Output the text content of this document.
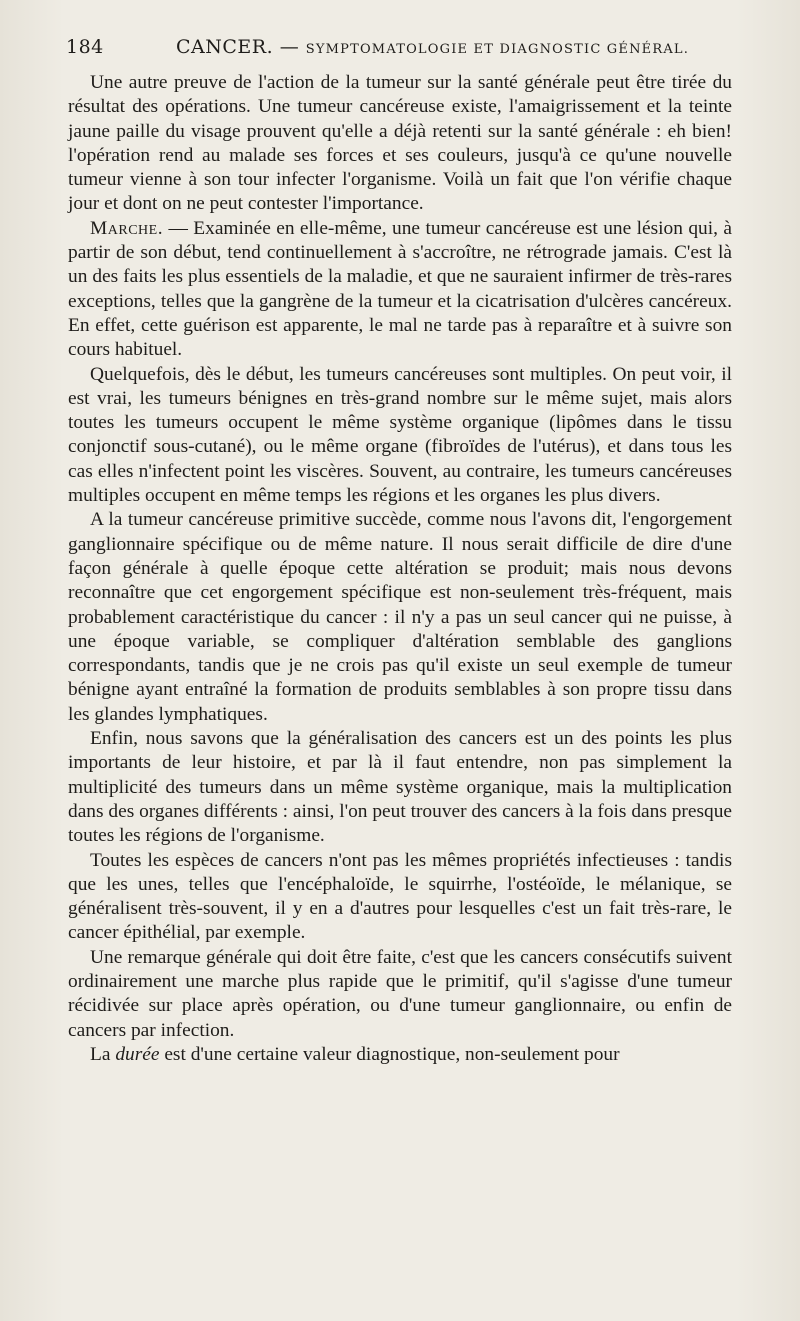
184	CANCER. — SYMPTOMATOLOGIE ET DIAGNOSTIC GÉNÉRAL.

Une autre preuve de l'action de la tumeur sur la santé générale peut être tirée du résultat des opérations. Une tumeur cancéreuse existe, l'amaigrissement et la teinte jaune paille du visage prouvent qu'elle a déjà retenti sur la santé générale : eh bien! l'opération rend au malade ses forces et ses couleurs, jusqu'à ce qu'une nouvelle tumeur vienne à son tour infecter l'organisme. Voilà un fait que l'on vérifie chaque jour et dont on ne peut contester l'importance.

Marche. — Examinée en elle-même, une tumeur cancéreuse est une lésion qui, à partir de son début, tend continuellement à s'accroître, ne rétrograde jamais. C'est là un des faits les plus essentiels de la maladie, et que ne sauraient infirmer de très-rares exceptions, telles que la gangrène de la tumeur et la cicatrisation d'ulcères cancéreux. En effet, cette guérison est apparente, le mal ne tarde pas à reparaître et à suivre son cours habituel.

Quelquefois, dès le début, les tumeurs cancéreuses sont multiples. On peut voir, il est vrai, les tumeurs bénignes en très-grand nombre sur le même sujet, mais alors toutes les tumeurs occupent le même système organique (lipômes dans le tissu conjonctif sous-cutané), ou le même organe (fibroïdes de l'utérus), et dans tous les cas elles n'infectent point les viscères. Souvent, au contraire, les tumeurs cancéreuses multiples occupent en même temps les régions et les organes les plus divers.

A la tumeur cancéreuse primitive succède, comme nous l'avons dit, l'engorgement ganglionnaire spécifique ou de même nature. Il nous serait difficile de dire d'une façon générale à quelle époque cette altération se produit; mais nous devons reconnaître que cet engorgement spécifique est non-seulement très-fréquent, mais probablement caractéristique du cancer : il n'y a pas un seul cancer qui ne puisse, à une époque variable, se compliquer d'altération semblable des ganglions correspondants, tandis que je ne crois pas qu'il existe un seul exemple de tumeur bénigne ayant entraîné la formation de produits semblables à son propre tissu dans les glandes lymphatiques.

Enfin, nous savons que la généralisation des cancers est un des points les plus importants de leur histoire, et par là il faut entendre, non pas simplement la multiplicité des tumeurs dans un même système organique, mais la multiplication dans des organes différents : ainsi, l'on peut trouver des cancers à la fois dans presque toutes les régions de l'organisme.

Toutes les espèces de cancers n'ont pas les mêmes propriétés infectieuses : tandis que les unes, telles que l'encéphaloïde, le squirrhe, l'ostéoïde, le mélanique, se généralisent très-souvent, il y en a d'autres pour lesquelles c'est un fait très-rare, le cancer épithélial, par exemple.

Une remarque générale qui doit être faite, c'est que les cancers consécutifs suivent ordinairement une marche plus rapide que le primitif, qu'il s'agisse d'une tumeur récidivée sur place après opération, ou d'une tumeur ganglionnaire, ou enfin de cancers par infection.

La durée est d'une certaine valeur diagnostique, non-seulement pour
